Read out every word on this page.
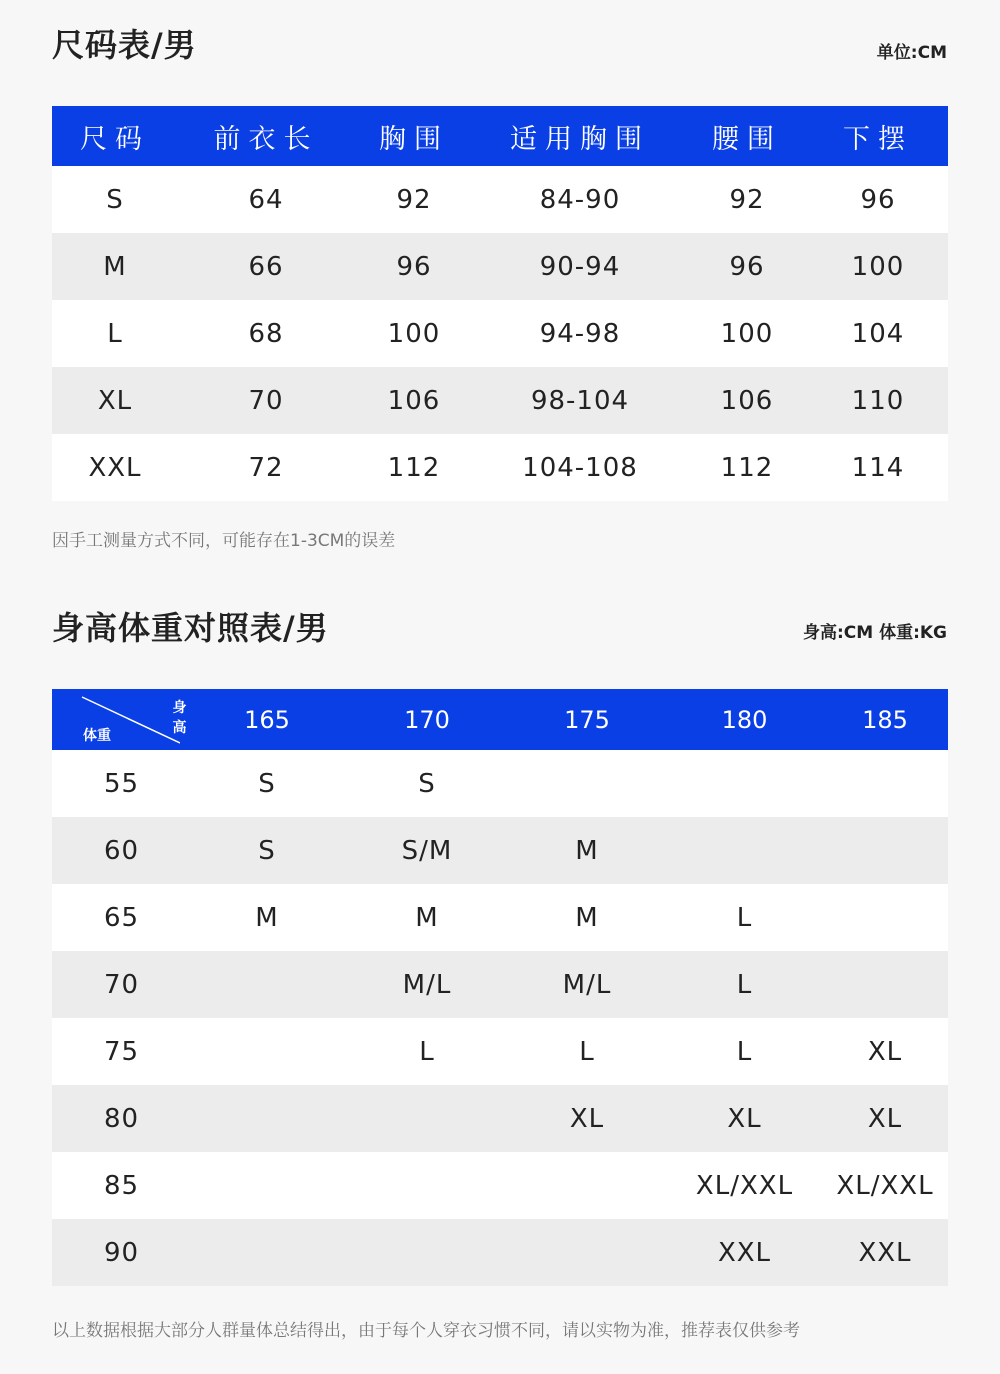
尺码表/男	单位:CM
尺码	前衣长	胸围	适用胸围	腰围	下摆
S	64	92	84-90	92	96
M	66	96	90-94	96	100
L	68	100	94-98	100	104
XL	70	106	98-104	106	110
XXL	72	112	104-108	112	114
因手工测量方式不同，可能存在1-3CM的误差
身高体重对照表/男	身高:CM 体重:KG
身高
体重	165	170	175	180	185
55	S	S			
60	S	S/M	M		
65	M	M	M	L	
70		M/L	M/L	L	
75		L	L	L	XL
80			XL	XL	XL
85				XL/XXL	XL/XXL
90				XXL	XXL
以上数据根据大部分人群量体总结得出，由于每个人穿衣习惯不同，请以实物为准，推荐表仅供参考
